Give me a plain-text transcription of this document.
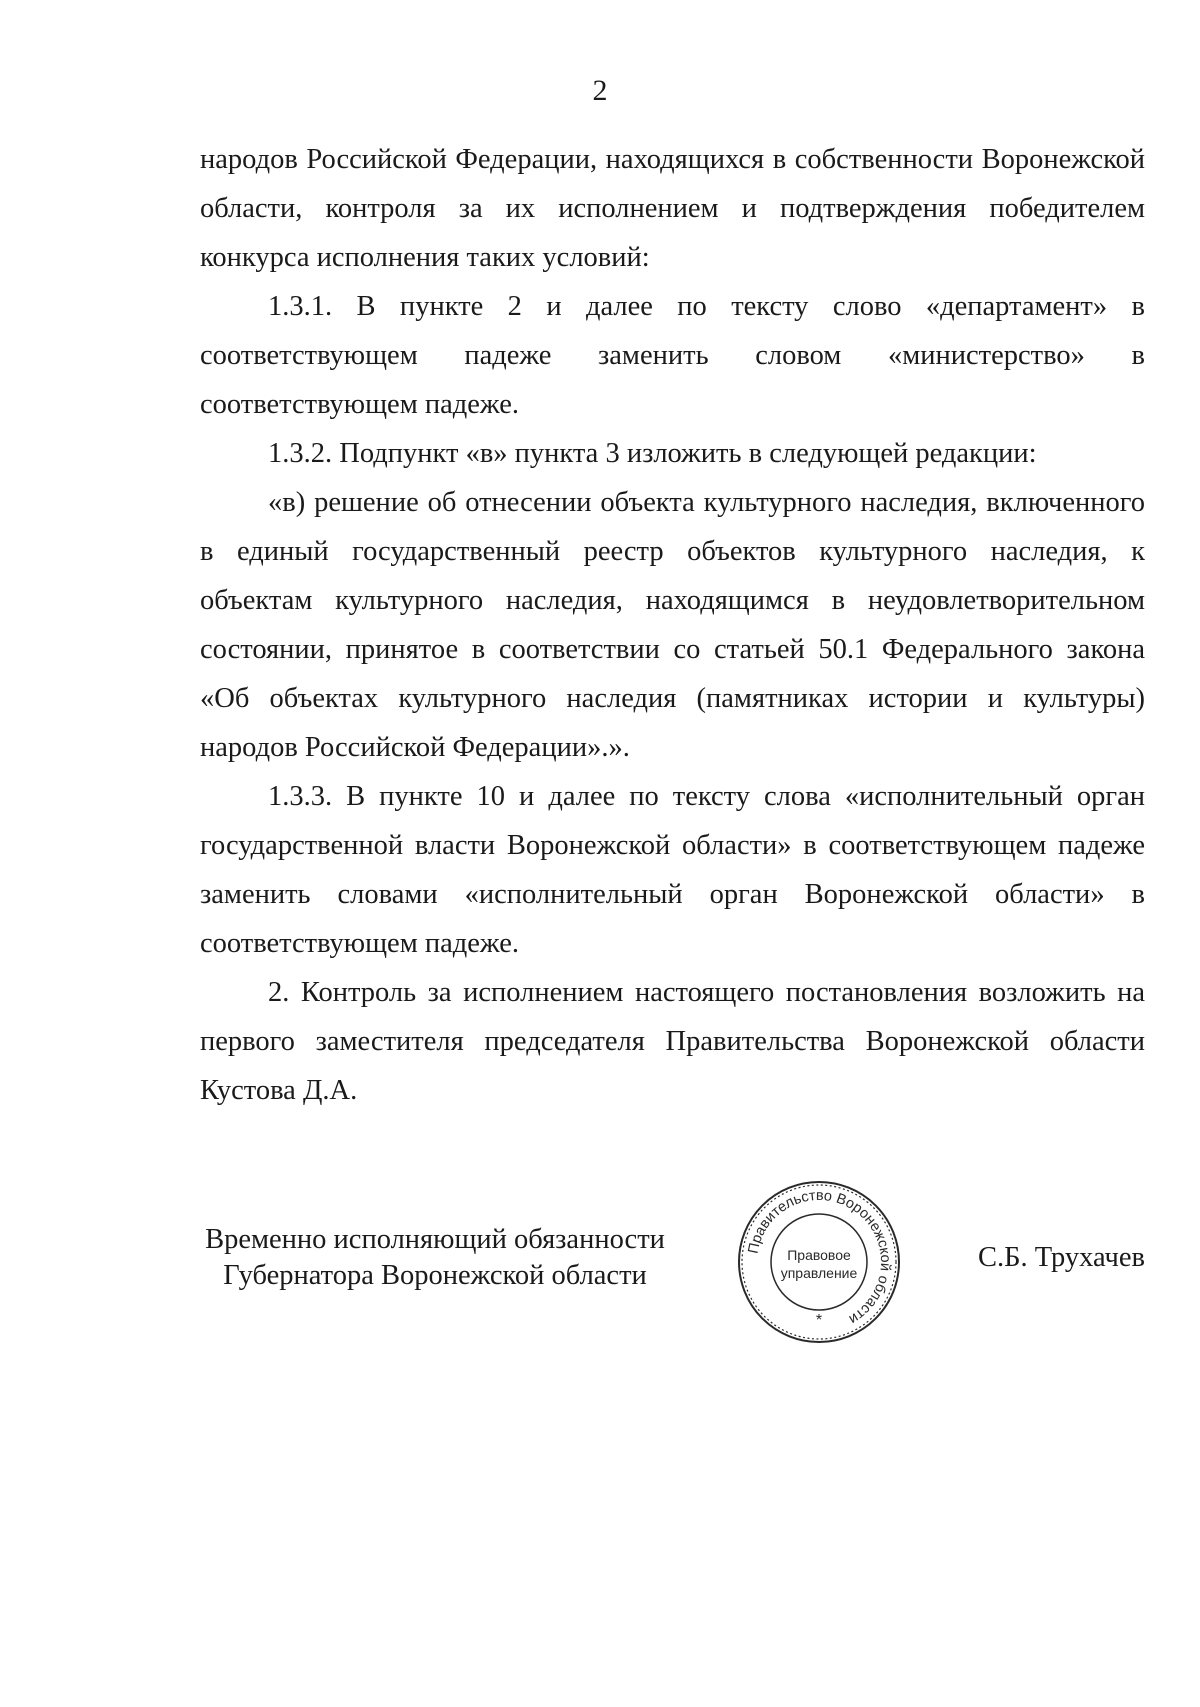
2

народов Российской Федерации, находящихся в собственности Воронежской области, контроля за их исполнением и подтверждения победителем конкурса исполнения таких условий:

1.3.1. В пункте 2 и далее по тексту слово «департамент» в соответствующем падеже заменить словом «министерство» в соответствующем падеже.

1.3.2. Подпункт «в» пункта 3 изложить в следующей редакции:

«в) решение об отнесении объекта культурного наследия, включенного в единый государственный реестр объектов культурного наследия, к объектам культурного наследия, находящимся в неудовлетворительном состоянии, принятое в соответствии со статьей 50.1 Федерального закона «Об объектах культурного наследия (памятниках истории и культуры) народов Российской Федерации».».

1.3.3. В пункте 10 и далее по тексту слова «исполнительный орган государственной власти Воронежской области» в соответствующем падеже заменить словами «исполнительный орган Воронежской области» в соответствующем падеже.

2. Контроль за исполнением настоящего постановления возложить на первого заместителя председателя Правительства Воронежской области Кустова Д.А.

Временно исполняющий обязанности
Губернатора Воронежской области
Правительство Воронежской области
Правовое
управление
*
С.Б. Трухачев
